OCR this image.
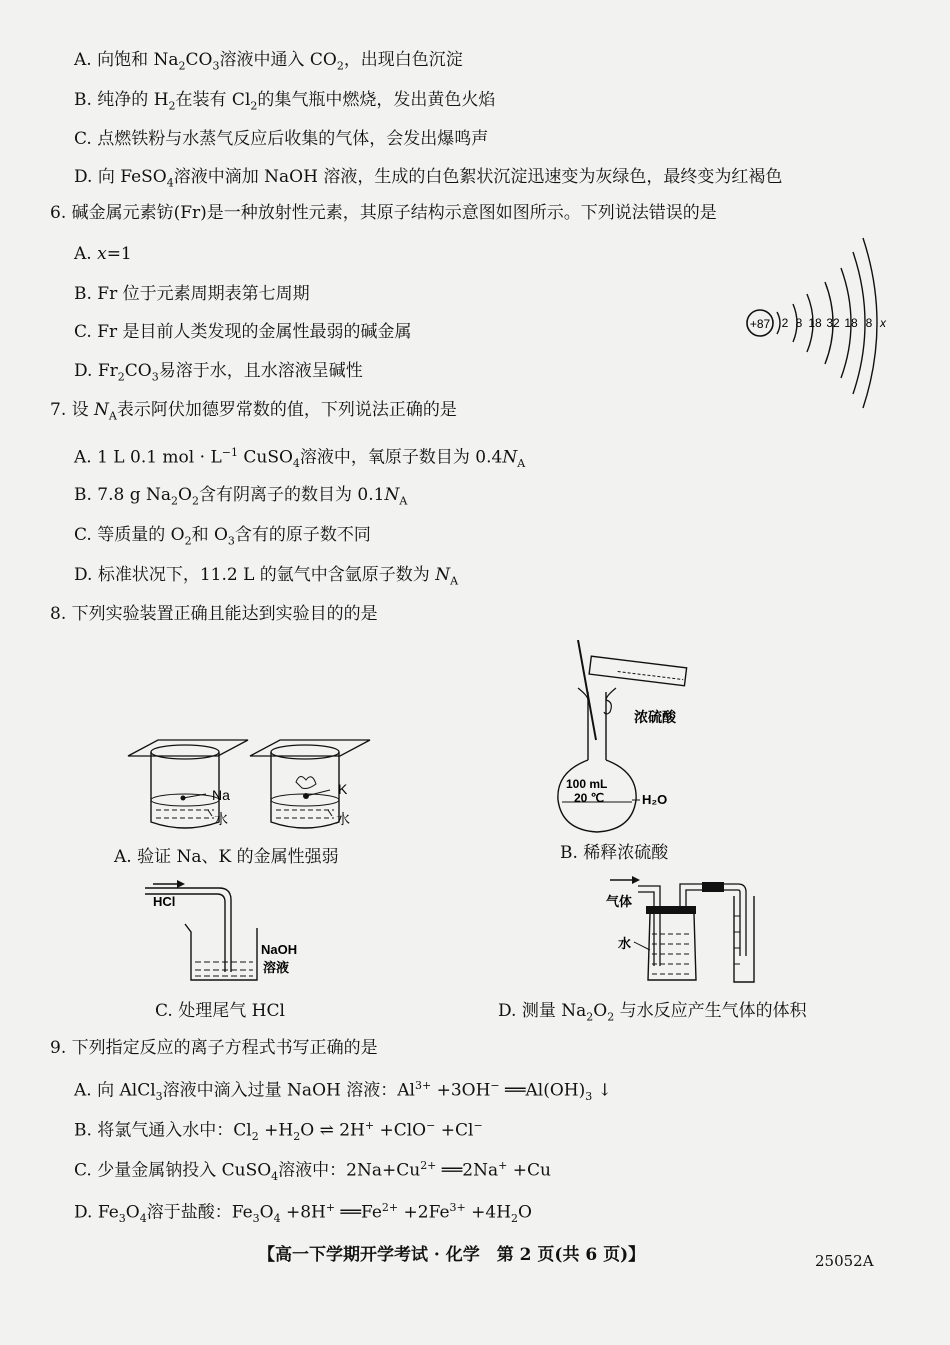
A. 向饱和 $Na_2CO_3$溶液中通入 $CO_2$，出现白色沉淀
B. 纯净的 $H_2$在装有 $Cl_2$的集气瓶中燃烧，发出黄色火焰
C. 点燃铁粉与水蒸气反应后收集的气体，会发出爆鸣声
D. 向 FeSO$_4$溶液中滴加 NaOH 溶液，生成的白色絮状沉淀迅速变为灰绿色，最终变为红褐色
6. 碱金属元素钫(Fr)是一种放射性元素，其原子结构示意图如图所示。下列说法错误的是
A. x=1
B. Fr 位于元素周期表第七周期
C. Fr 是目前人类发现的金属性最弱的碱金属
D. $Fr_2CO_3$易溶于水，且水溶液呈碱性
+87 2 8 18 32 18 8 x
7. 设 $N_A$表示阿伏加德罗常数的值，下列说法正确的是
A. 1 L 0.1 mol · $L^{-1}$ CuSO$_4$溶液中，氧原子数目为 $0.4N_A$
B. 7.8 g $Na_2O_2$含有阴离子的数目为 $0.1N_A$
C. 等质量的 $O_2$和 $O_3$含有的原子数不同
D. 标准状况下，11.2 L 的氩气中含氩原子数为 $N_A$
8. 下列实验装置正确且能达到实验目的的是
Na
水
K
水
A. 验证 Na、K 的金属性强弱
浓硫酸
100 mL
20 ℃	H₂O
B. 稀释浓硫酸
HCl
NaOH
溶液
C. 处理尾气 HCl
气体
水
D. 测量 $Na_2O_2$ 与水反应产生气体的体积
9. 下列指定反应的离子方程式书写正确的是
A. 向 AlCl$_3$溶液中滴入过量 NaOH 溶液：$Al^{3+} +3OH^-$ $══Al(OH)_3$ ↓
B. 将氯气通入水中：$Cl_2 +H_2O$ ⇌ 2H+ +ClO− +Cl−
C. 少量金属钠投入 CuSO$_4$溶液中：$2Na+Cu^{2+}$ ══2Na+ +Cu
D. $Fe_3O_4$溶于盐酸：$Fe_3O_4 +8H^+$ $══Fe^{2+} +2Fe^{3+} +4H_2O$
【高一下学期开学考试 · 化学　第 2 页(共 6 页)】	25052A
